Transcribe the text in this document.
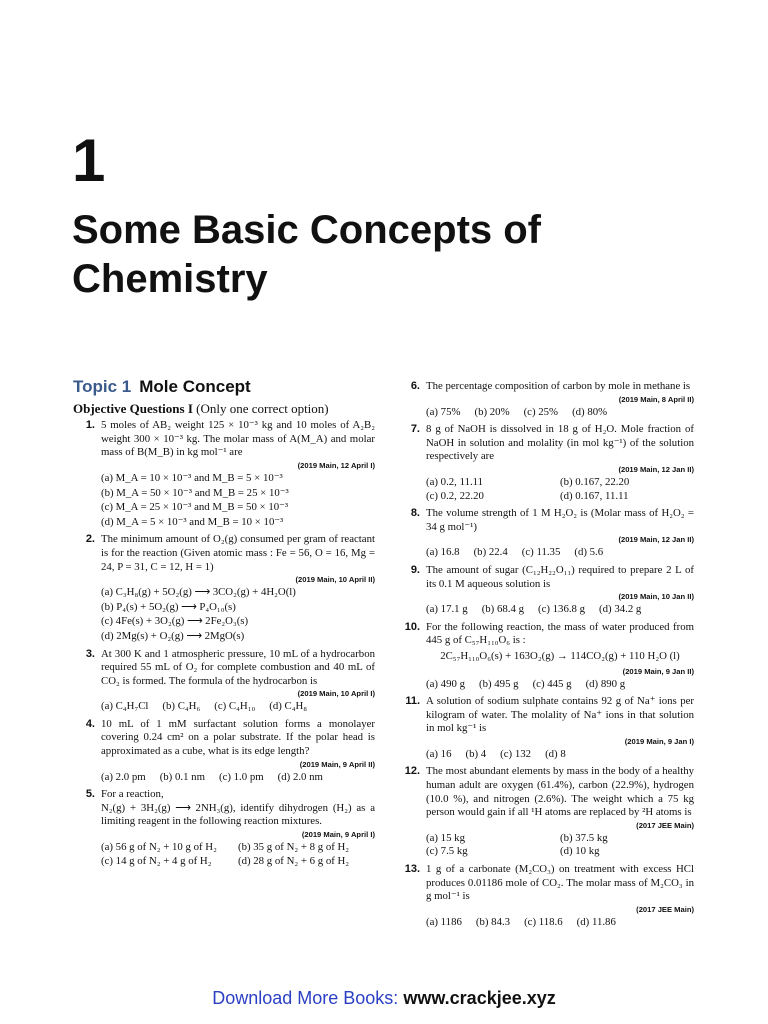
1
Some Basic Concepts of Chemistry
Topic 1 Mole Concept
Objective Questions I (Only one correct option)
1. 5 moles of AB₂ weight 125 × 10⁻³ kg and 10 moles of A₂B₂ weight 300 × 10⁻³ kg. The molar mass of A(M_A) and molar mass of B(M_B) in kg mol⁻¹ are
(2019 Main, 12 April I)
(a) M_A = 10 × 10⁻³ and M_B = 5 × 10⁻³
(b) M_A = 50 × 10⁻³ and M_B = 25 × 10⁻³
(c) M_A = 25 × 10⁻³ and M_B = 50 × 10⁻³
(d) M_A = 5 × 10⁻³ and M_B = 10 × 10⁻³
2. The minimum amount of O₂(g) consumed per gram of reactant is for the reaction (Given atomic mass : Fe = 56, O = 16, Mg = 24, P = 31, C = 12, H = 1)
(2019 Main, 10 April II)
(a) C₃H₈(g) + 5O₂(g) ⟶ 3CO₂(g) + 4H₂O(l)
(b) P₄(s) + 5O₂(g) ⟶ P₄O₁₀(s)
(c) 4Fe(s) + 3O₂(g) ⟶ 2Fe₂O₃(s)
(d) 2Mg(s) + O₂(g) ⟶ 2MgO(s)
3. At 300 K and 1 atmospheric pressure, 10 mL of a hydrocarbon required 55 mL of O₂ for complete combustion and 40 mL of CO₂ is formed. The formula of the hydrocarbon is
(2019 Main, 10 April I)
(a) C₄H₇Cl	(b) C₄H₆	(c) C₄H₁₀	(d) C₄H₈
4. 10 mL of 1 mM surfactant solution forms a monolayer covering 0.24 cm² on a polar substrate. If the polar head is approximated as a cube, what is its edge length?
(2019 Main, 9 April II)
(a) 2.0 pm	(b) 0.1 nm	(c) 1.0 pm	(d) 2.0 nm
5. For a reaction,
N₂(g) + 3H₂(g) ⟶ 2NH₃(g), identify dihydrogen (H₂) as a limiting reagent in the following reaction mixtures.
(2019 Main, 9 April I)
(a) 56 g of N₂ + 10 g of H₂	(b) 35 g of N₂ + 8 g of H₂
(c) 14 g of N₂ + 4 g of H₂	(d) 28 g of N₂ + 6 g of H₂
6. The percentage composition of carbon by mole in methane is
(2019 Main, 8 April II)
(a) 75%	(b) 20%	(c) 25%	(d) 80%
7. 8 g of NaOH is dissolved in 18 g of H₂O. Mole fraction of NaOH in solution and molality (in mol kg⁻¹) of the solution respectively are
(2019 Main, 12 Jan II)
(a) 0.2, 11.11	(b) 0.167, 22.20
(c) 0.2, 22.20	(d) 0.167, 11.11
8. The volume strength of 1 M H₂O₂ is (Molar mass of H₂O₂ = 34 g mol⁻¹)
(2019 Main, 12 Jan II)
(a) 16.8	(b) 22.4	(c) 11.35	(d) 5.6
9. The amount of sugar (C₁₂H₂₂O₁₁) required to prepare 2 L of its 0.1 M aqueous solution is
(2019 Main, 10 Jan II)
(a) 17.1 g	(b) 68.4 g	(c) 136.8 g	(d) 34.2 g
10. For the following reaction, the mass of water produced from 445 g of C₅₇H₁₁₀O₆ is :
2C₅₇H₁₁₀O₆(s) + 163O₂(g) → 114CO₂(g) + 110 H₂O (l)
(2019 Main, 9 Jan II)
(a) 490 g	(b) 495 g	(c) 445 g	(d) 890 g
11. A solution of sodium sulphate contains 92 g of Na⁺ ions per kilogram of water. The molality of Na⁺ ions in that solution in mol kg⁻¹ is
(2019 Main, 9 Jan I)
(a) 16	(b) 4	(c) 132	(d) 8
12. The most abundant elements by mass in the body of a healthy human adult are oxygen (61.4%), carbon (22.9%), hydrogen (10.0 %), and nitrogen (2.6%). The weight which a 75 kg person would gain if all ¹H atoms are replaced by ²H atoms is
(2017 JEE Main)
(a) 15 kg	(b) 37.5 kg
(c) 7.5 kg	(d) 10 kg
13. 1 g of a carbonate (M₂CO₃) on treatment with excess HCl produces 0.01186 mole of CO₂. The molar mass of M₂CO₃ in g mol⁻¹ is
(2017 JEE Main)
(a) 1186	(b) 84.3	(c) 118.6	(d) 11.86
Download More Books: www.crackjee.xyz
